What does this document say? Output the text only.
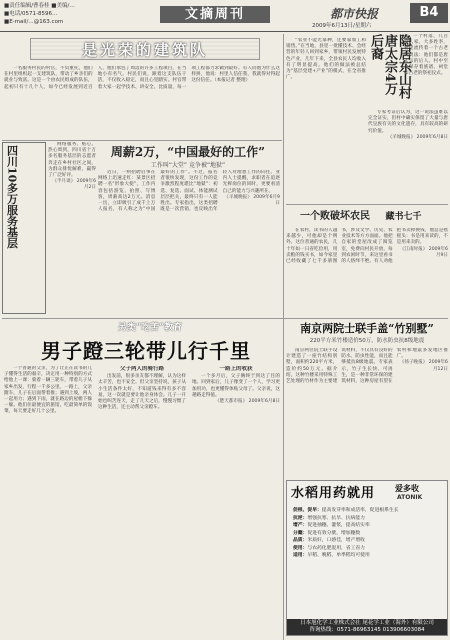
■责任编辑/曹春桂 ■美编/…
■电话/0571-8596…
■E-mail/…@163.com	文摘周刊	都市快报	B4
2009年6月13日/星期六
是光荣的建筑队

一名服务村民的村官，不负重托，他们在村里组织起一支建筑队，带动了乡亲们的就业与致富。这是一个由农民组成的队伍，起初只有十几个人，如今已经发展到近百人，他们承包了周边的许多工程项目，在当地小有名气。村民们说，跟着这支队伍干活，不仅收入稳定，而且心里踏实。村官带着大家一起学技术、讲安全、比质量，每一项工程都力求做到最好。有人问他为什么这样拼，他说：村里人信任我，我就得对得起这份信任。（本报记者 整理）

四川10多万服务基层

网络服务、贴心、热心周到，四川省十万多名服务基层的志愿者奔走在乡村社区之间，为群众排忧解难，赢得了广泛好评。

《半月谈》 2009年6月2日
周薪2万，“中国最好的工作”
工作叫“大堂” 竞争被“地狱”

近日，一则招聘启事在网络上迅速走红：某景区招聘一名“形象大使”，工作内容包括游览、拍照、写博客，周薪高达2万元。消息一出，立即吸引了成千上万人报名，有人称之为“中国最好的工作”。不过，报名者很快发现，这份工作的竞争激烈程度堪比“地狱”：初选、复选、面试、体能测试层层把关，最终只有一人能胜出。专家指出，这类招聘既是一次营销，也反映出年轻人对理想工作的向往。业内人士提醒，求职者在追逐光鲜岗位的同时，更要看清自己的能力与兴趣所在。

《羊城晚报》 2009年6月9日

“农业不能光靠种，还要靠加工和销售。”在当地，县里一批懂技术、会经营的年轻人回到家乡，带领村民发展特色产业，几年下来，全县农民人均收入有了明显提高。他们的做法被总结为“基层党建+产业”的模式，在全省推广。	隐居东山村唐太宗4万后裔	一个村落，几百户人家，大多姓李，村里流传着一个古老的说法：他们都是唐太宗的后人。村中至今保存着族谱、祠堂和古老的祭祀仪式。

专家考证后认为，这一说法虽难以完全证实，但村中确实保留了大量与唐代皇族有关的文化遗存，具有较高的研究价值。

《羊城晚报》 2009年6月8日
一个败破坏农民 藏书七千

在农村，读书的人越来越少，可他却是个例外。这位普通的农民，几十年如一日省吃俭用，用卖粮的钱买书，如今家里已经收藏了七千多册图书，涉及文学、历史、农业技术等方方面面。他把自家的堂屋改成了阅览室，免费向村民开放，每到农闲时节，来这里看书的人络绎不绝。有人劝他把书卖掉换钱，他总是摇摇头：书是用来读的，不是用来卖的。

《江南时报》 2009年6月9日
另类“吃苦”教育
男子蹬三轮带儿行千里

一个普通的父亲，为了让正在读书的儿子懂得生活的艰辛，决定用一种特别的方式给他上一课：骑着一辆三轮车，带着儿子从家乡出发，行程一千多公里。一路上，父亲蹬车，儿子在后面帮着推；遇到上坡，两人一起用力；遇到下雨，就在路边的屋檐下躲一躲。他们住最便宜的旅馆，吃最简单的饭菜，每天要走好几十公里。

父子两人的骑行路

出发前，很多亲友都不理解，认为这样太辛苦，也不安全。但父亲坚持说，孩子从小生活条件太好，不知道钱来得有多不容易，这一次就是要让他亲身体会。儿子一开始也叫苦连天，走了几天之后，慢慢习惯了这种生活，还主动帮父亲蹬车。

一路上的收获

一个多月后，父子俩终于到达了目的地。回到家后，儿子像变了一个人，学习更加用功，也更懂得体贴父母了。父亲说，这趟路走得值。

《楚天都市报》 2009年6月8日
南京两院士联手盖“竹别墅”
220平方米竹楼造价50万，防水防虫抗8级地震

南京两位院士联手设计建造了一座竹结构别墅，面积约220平方米，造价约50万元。据介绍，这种竹楼采用特殊工艺处理的竹材作为主要建筑材料，不仅具有良好的防水、防虫性能，而且能够抵抗8级地震。专家表示，竹子生长快、可再生，是一种非常环保的建筑材料，这种房屋有望在农村和地震多发地区推广。

《扬子晚报》 2009年6月12日
水稻用药就用 爱多收
ATONIK
促根、促早：提高发芽率和成活率，促进根系生长
抗逆：增强抗寒、抗旱、抗病能力
增产：促进抽穗、灌浆，提高结实率
分蘖：促进有效分蘖，增加穗数
品质：米质好，口感佳，增产增收
使用：与农药化肥混用，省工省力
适用：早稻、晚稻、单季稻均可使用
日本旭化学工业株式会社 尾花学工业（海外）有限公司
咨询热线：0571-86963145 013906603084
